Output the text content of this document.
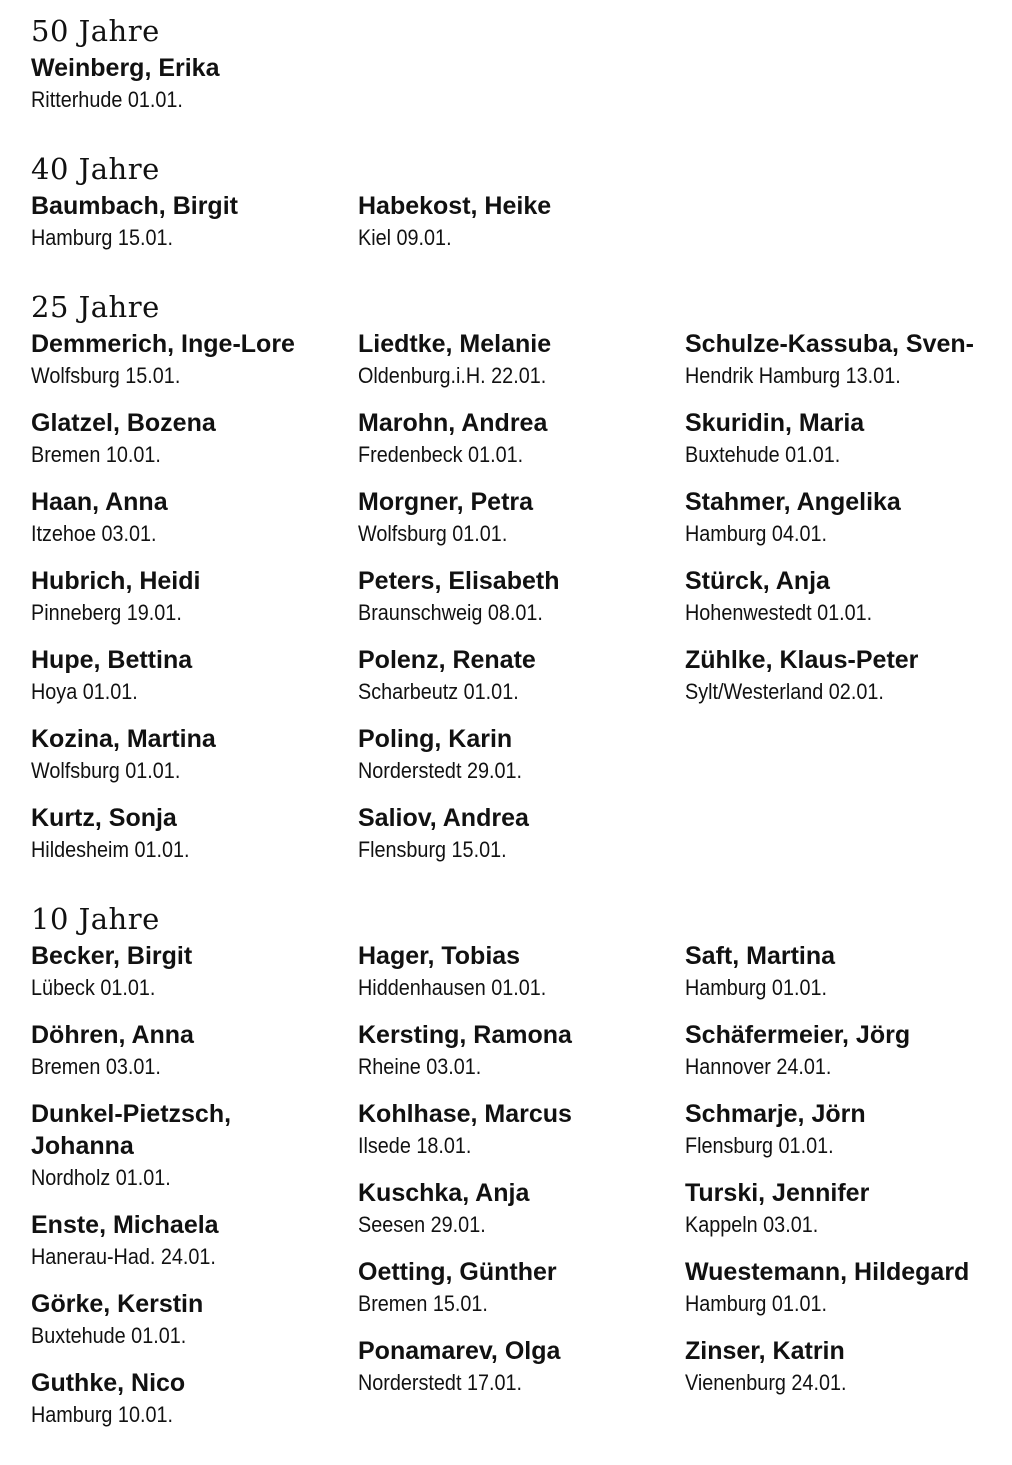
50 Jahre
Weinberg, Erika
Ritterhude 01.01.
40 Jahre
Baumbach, Birgit
Hamburg 15.01.
Habekost, Heike
Kiel 09.01.
25 Jahre
Demmerich, Inge-Lore
Wolfsburg 15.01.
Glatzel, Bozena
Bremen 10.01.
Haan, Anna
Itzehoe 03.01.
Hubrich, Heidi
Pinneberg 19.01.
Hupe, Bettina
Hoya 01.01.
Kozina, Martina
Wolfsburg 01.01.
Kurtz, Sonja
Hildesheim 01.01.
Liedtke, Melanie
Oldenburg.i.H. 22.01.
Marohn, Andrea
Fredenbeck 01.01.
Morgner, Petra
Wolfsburg 01.01.
Peters, Elisabeth
Braunschweig 08.01.
Polenz, Renate
Scharbeutz 01.01.
Poling, Karin
Norderstedt 29.01.
Saliov, Andrea
Flensburg 15.01.
Schulze-Kassuba, Sven-
Hendrik Hamburg 13.01.
Skuridin, Maria
Buxtehude 01.01.
Stahmer, Angelika
Hamburg 04.01.
Stürck, Anja
Hohenwestedt 01.01.
Zühlke, Klaus-Peter
Sylt/Westerland 02.01.
10 Jahre
Becker, Birgit
Lübeck 01.01.
Döhren, Anna
Bremen 03.01.
Dunkel-Pietzsch, Johanna
Nordholz 01.01.
Enste, Michaela
Hanerau-Had. 24.01.
Görke, Kerstin
Buxtehude 01.01.
Guthke, Nico
Hamburg 10.01.
Hager, Tobias
Hiddenhausen 01.01.
Kersting, Ramona
Rheine 03.01.
Kohlhase, Marcus
Ilsede 18.01.
Kuschka, Anja
Seesen 29.01.
Oetting, Günther
Bremen 15.01.
Ponamarev, Olga
Norderstedt 17.01.
Saft, Martina
Hamburg 01.01.
Schäfermeier, Jörg
Hannover 24.01.
Schmarje, Jörn
Flensburg 01.01.
Turski, Jennifer
Kappeln 03.01.
Wuestemann, Hildegard
Hamburg 01.01.
Zinser, Katrin
Vienenburg 24.01.
